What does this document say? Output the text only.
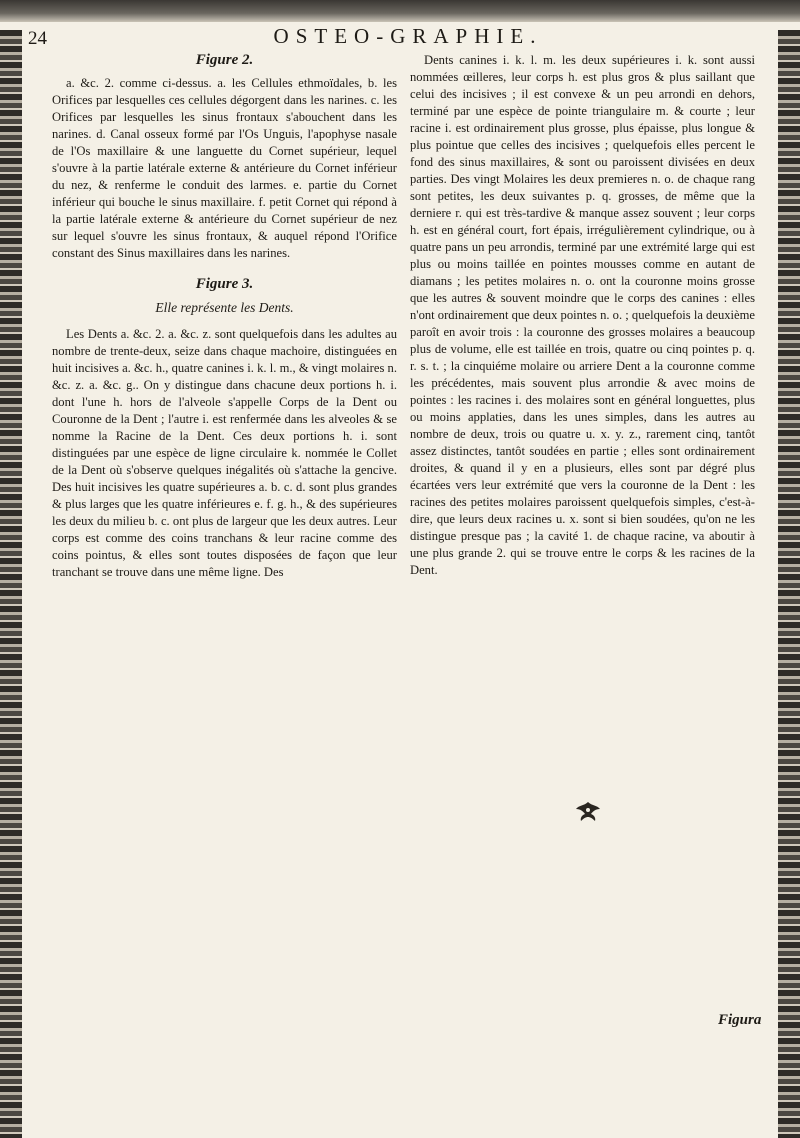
24	OSTEO-GRAPHIE.
Figure 2.

a. &c. 2. comme ci-dessus. a. les Cellules ethmoïdales, b. les Orifices par lesquelles ces cellules dégorgent dans les narines. c. les Orifices par lesquelles les sinus frontaux s'abouchent dans les narines. d. Canal osseux formé par l'Os Unguis, l'apophyse nasale de l'Os maxillaire & une languette du Cornet supérieur, lequel s'ouvre à la partie latérale externe & antérieure du Cornet inférieur du nez, & renferme le conduit des larmes. e. partie du Cornet inférieur qui bouche le sinus maxillaire. f. petit Cornet qui répond à la partie latérale externe & antérieure du Cornet supérieur de nez sur lequel s'ouvre les sinus frontaux, & auquel répond l'Orifice constant des Sinus maxillaires dans les narines.

Figure 3.
Elle représente les Dents.

Les Dents a. &c. 2. a. &c. z. sont quelquefois dans les adultes au nombre de trente-deux, seize dans chaque machoire, distinguées en huit incisives a. &c. h., quatre canines i. k. l. m., & vingt molaires n. &c. z. a. &c. g.. On y distingue dans chacune deux portions h. i. dont l'une h. hors de l'alveole s'appelle Corps de la Dent ou Couronne de la Dent ; l'autre i. est renfermée dans les alveoles & se nomme la Racine de la Dent. Ces deux portions h. i. sont distinguées par une espèce de ligne circulaire k. nommée le Collet de la Dent où s'observe quelques inégalités où s'attache la gencive. Des huit incisives les quatre supérieures a. b. c. d. sont plus grandes & plus larges que les quatre inférieures e. f. g. h., & des supérieures les deux du milieu b. c. ont plus de largeur que les deux autres. Leur corps est comme des coins tranchans & leur racine comme des coins pointus, & elles sont toutes disposées de façon que leur tranchant se trouve dans une même ligne. Des

Dents canines i. k. l. m. les deux supérieures i. k. sont aussi nommées œilleres, leur corps h. est plus gros & plus saillant que celui des incisives ; il est convexe & un peu arrondi en dehors, terminé par une espèce de pointe triangulaire m. & courte ; leur racine i. est ordinairement plus grosse, plus épaisse, plus longue & plus pointue que celles des incisives ; quelquefois elles percent le fond des sinus maxillaires, & sont ou paroissent divisées en deux parties. Des vingt Molaires les deux premieres n. o. de chaque rang sont petites, les deux suivantes p. q. grosses, de même que la derniere r. qui est très-tardive & manque assez souvent ; leur corps h. est en général court, fort épais, irrégulièrement cylindrique, ou à quatre pans un peu arrondis, terminé par une extrémité large qui est plus ou moins taillée en pointes mousses comme en autant de diamans ; les petites molaires n. o. ont la couronne moins grosse que les autres & souvent moindre que le corps des canines : elles n'ont ordinairement que deux pointes n. o. ; quelquefois la deuxième paroît en avoir trois : la couronne des grosses molaires a beaucoup plus de volume, elle est taillée en trois, quatre ou cinq pointes p. q. r. s. t. ; la cinquiéme molaire ou arriere Dent a la couronne comme les précédentes, mais souvent plus arrondie & avec moins de pointes : les racines i. des molaires sont en général longuettes, plus ou moins applaties, dans les unes simples, dans les autres au nombre de deux, trois ou quatre u. x. y. z., rarement cinq, tantôt assez distinctes, tantôt soudées en partie ; elles sont ordinairement droites, & quand il y en a plusieurs, elles sont par dégré plus écartées vers leur extrémité que vers la couronne de la Dent : les racines des petites molaires paroissent quelquefois simples, c'est-à-dire, que leurs deux racines u. x. sont si bien soudées, qu'on ne les distingue presque pas ; la cavité 1. de chaque racine, va aboutir à une plus grande 2. qui se trouve entre le corps & les racines de la Dent.

Figura
